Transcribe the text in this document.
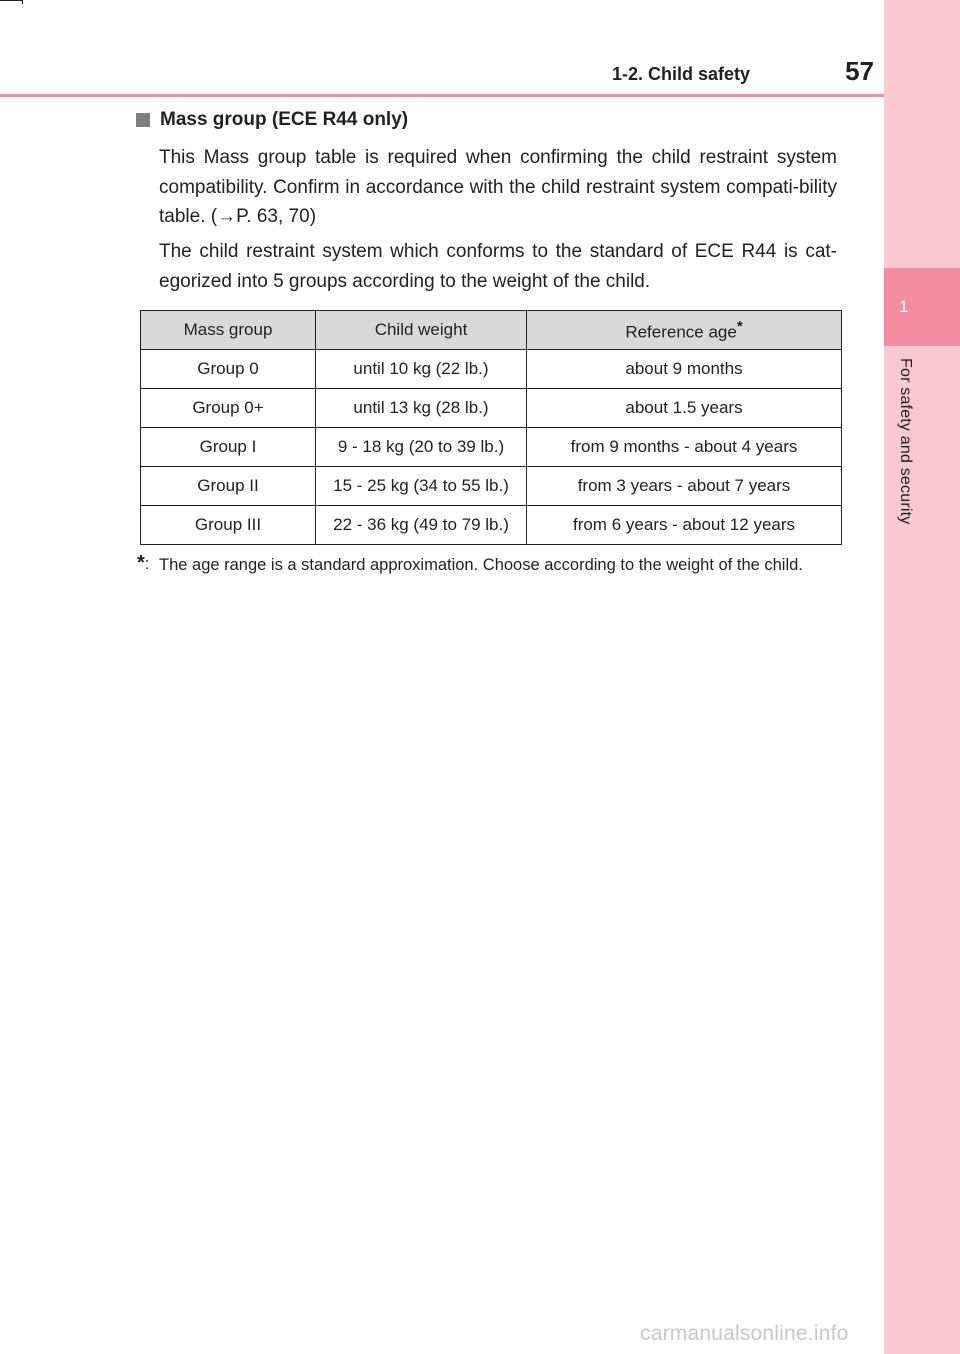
1
For safety and security
1-2. Child safety	57
Mass group (ECE R44 only)
This Mass group table is required when confirming the child restraint system compatibility. Confirm in accordance with the child restraint system compati-bility table. (→P. 63, 70)
The child restraint system which conforms to the standard of ECE R44 is cat-egorized into 5 groups according to the weight of the child.
Mass group	Child weight	Reference age*
Group 0	until 10 kg (22 lb.)	about 9 months
Group 0+	until 13 kg (28 lb.)	about 1.5 years
Group I	9 - 18 kg (20 to 39 lb.)	from 9 months - about 4 years
Group II	15 - 25 kg (34 to 55 lb.)	from 3 years - about 7 years
Group III	22 - 36 kg (49 to 79 lb.)	from 6 years - about 12 years
*: The age range is a standard approximation. Choose according to the weight of the child.
carmanualsonline.info
